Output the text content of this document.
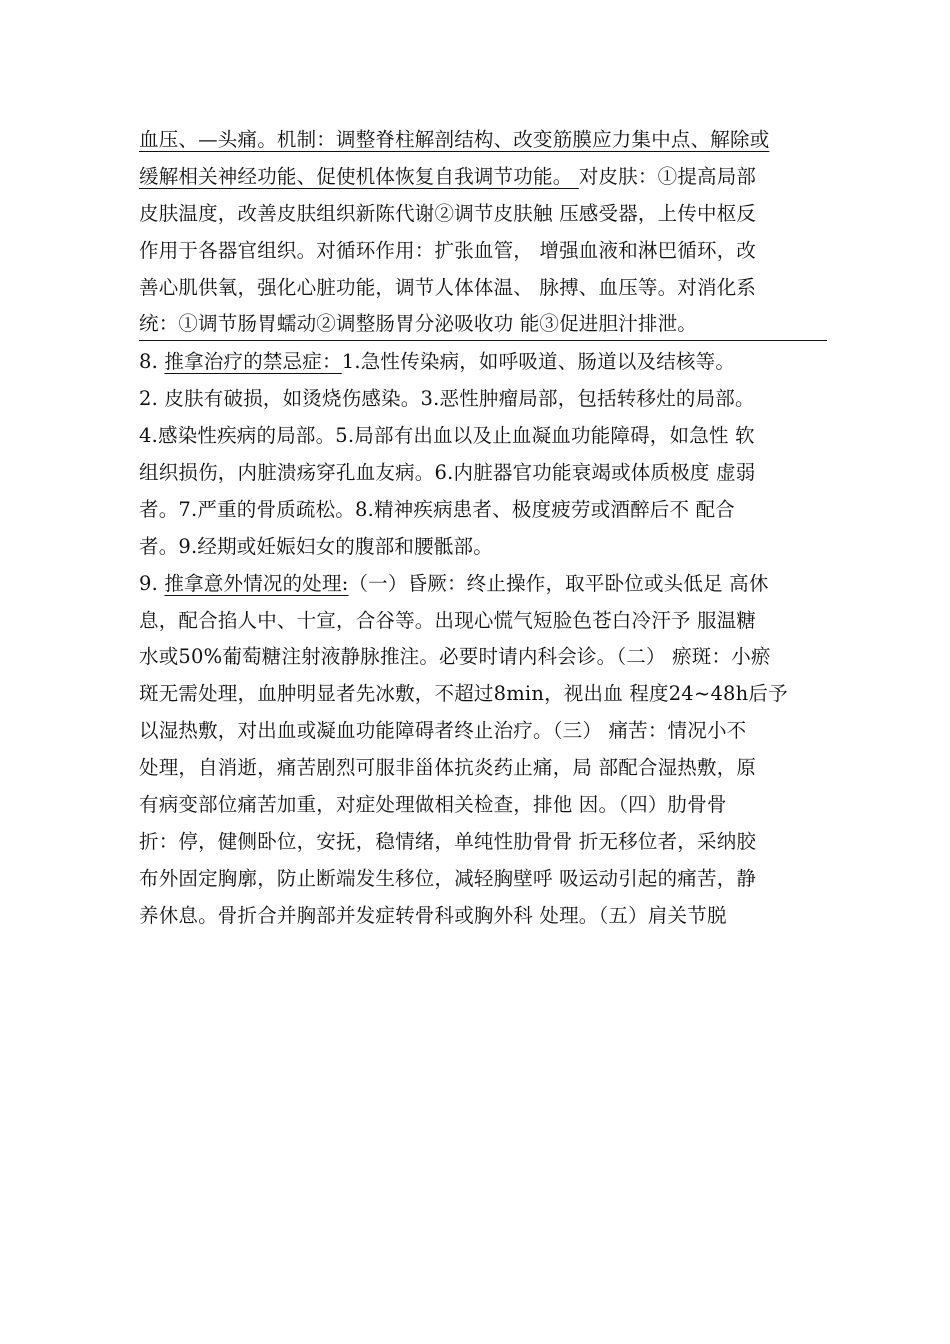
血压、—头痛。机制：调整脊柱解剖结构、改变筋膜应力集中点、解除或
缓解相关神经功能、促使机体恢复自我调节功能。 对皮肤：①提高局部
皮肤温度，改善皮肤组织新陈代谢②调节皮肤触 压感受器，上传中枢反
作用于各器官组织。对循环作用：扩张血管， 增强血液和淋巴循环，改
善心肌供氧，强化心脏功能，调节人体体温、 脉搏、血压等。对消化系
统：①调节肠胃蠕动②调整肠胃分泌吸收功 能③促进胆汁排泄。
8. 推拿治疗的禁忌症：1.急性传染病，如呼吸道、肠道以及结核等。
2. 皮肤有破损，如烫烧伤感染。3.恶性肿瘤局部，包括转移灶的局部。
4.感染性疾病的局部。5.局部有出血以及止血凝血功能障碍，如急性 软
组织损伤，内脏溃疡穿孔血友病。6.内脏器官功能衰竭或体质极度 虚弱
者。7.严重的骨质疏松。8.精神疾病患者、极度疲劳或酒醉后不 配合
者。9.经期或妊娠妇女的腹部和腰骶部。
9. 推拿意外情况的处理:（一）昏厥：终止操作，取平卧位或头低足 高休
息，配合掐人中、十宣，合谷等。出现心慌气短脸色苍白冷汗予 服温糖
水或50%葡萄糖注射液静脉推注。必要时请内科会诊。（二） 瘀斑：小瘀
斑无需处理，血肿明显者先冰敷，不超过8min，视出血 程度24~48h后予
以湿热敷，对出血或凝血功能障碍者终止治疗。（三） 痛苦：情况小不
处理，自消逝，痛苦剧烈可服非甾体抗炎药止痛，局 部配合湿热敷，原
有病变部位痛苦加重，对症处理做相关检查，排他 因。（四）肋骨骨
折：停，健侧卧位，安抚，稳情绪，单纯性肋骨骨 折无移位者，采纳胶
布外固定胸廓，防止断端发生移位，减轻胸壁呼 吸运动引起的痛苦，静
养休息。骨折合并胸部并发症转骨科或胸外科 处理。（五）肩关节脱
